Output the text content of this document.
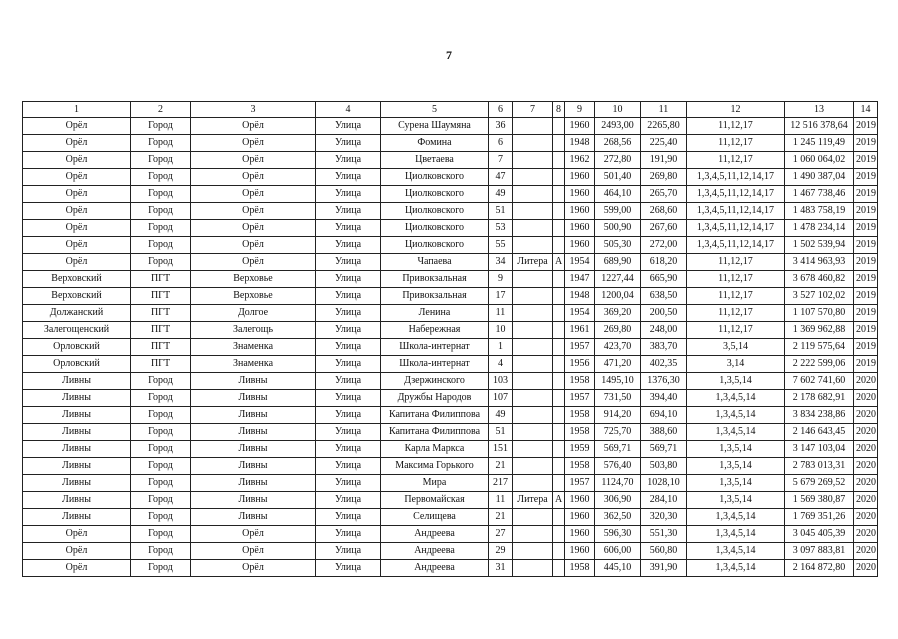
7
1	2	3	4	5	6	7	8	9	10	11	12	13	14
Орёл	Город	Орёл	Улица	Сурена Шаумяна	36			1960	2493,00	2265,80	11,12,17	12 516 378,64	2019
Орёл	Город	Орёл	Улица	Фомина	6			1948	268,56	225,40	11,12,17	1 245 119,49	2019
Орёл	Город	Орёл	Улица	Цветаева	7			1962	272,80	191,90	11,12,17	1 060 064,02	2019
Орёл	Город	Орёл	Улица	Циолковского	47			1960	501,40	269,80	1,3,4,5,11,12,14,17	1 490 387,04	2019
Орёл	Город	Орёл	Улица	Циолковского	49			1960	464,10	265,70	1,3,4,5,11,12,14,17	1 467 738,46	2019
Орёл	Город	Орёл	Улица	Циолковского	51			1960	599,00	268,60	1,3,4,5,11,12,14,17	1 483 758,19	2019
Орёл	Город	Орёл	Улица	Циолковского	53			1960	500,90	267,60	1,3,4,5,11,12,14,17	1 478 234,14	2019
Орёл	Город	Орёл	Улица	Циолковского	55			1960	505,30	272,00	1,3,4,5,11,12,14,17	1 502 539,94	2019
Орёл	Город	Орёл	Улица	Чапаева	34	Литера	А	1954	689,90	618,20	11,12,17	3 414 963,93	2019
Верховский	ПГТ	Верховье	Улица	Привокзальная	9			1947	1227,44	665,90	11,12,17	3 678 460,82	2019
Верховский	ПГТ	Верховье	Улица	Привокзальная	17			1948	1200,04	638,50	11,12,17	3 527 102,02	2019
Должанский	ПГТ	Долгое	Улица	Ленина	11			1954	369,20	200,50	11,12,17	1 107 570,80	2019
Залегощенский	ПГТ	Залегощь	Улица	Набережная	10			1961	269,80	248,00	11,12,17	1 369 962,88	2019
Орловский	ПГТ	Знаменка	Улица	Школа-интернат	1			1957	423,70	383,70	3,5,14	2 119 575,64	2019
Орловский	ПГТ	Знаменка	Улица	Школа-интернат	4			1956	471,20	402,35	3,14	2 222 599,06	2019
Ливны	Город	Ливны	Улица	Дзержинского	103			1958	1495,10	1376,30	1,3,5,14	7 602 741,60	2020
Ливны	Город	Ливны	Улица	Дружбы Народов	107			1957	731,50	394,40	1,3,4,5,14	2 178 682,91	2020
Ливны	Город	Ливны	Улица	Капитана Филиппова	49			1958	914,20	694,10	1,3,4,5,14	3 834 238,86	2020
Ливны	Город	Ливны	Улица	Капитана Филиппова	51			1958	725,70	388,60	1,3,4,5,14	2 146 643,45	2020
Ливны	Город	Ливны	Улица	Карла Маркса	151			1959	569,71	569,71	1,3,5,14	3 147 103,04	2020
Ливны	Город	Ливны	Улица	Максима Горького	21			1958	576,40	503,80	1,3,5,14	2 783 013,31	2020
Ливны	Город	Ливны	Улица	Мира	217			1957	1124,70	1028,10	1,3,5,14	5 679 269,52	2020
Ливны	Город	Ливны	Улица	Первомайская	11	Литера	А	1960	306,90	284,10	1,3,5,14	1 569 380,87	2020
Ливны	Город	Ливны	Улица	Селищева	21			1960	362,50	320,30	1,3,4,5,14	1 769 351,26	2020
Орёл	Город	Орёл	Улица	Андреева	27			1960	596,30	551,30	1,3,4,5,14	3 045 405,39	2020
Орёл	Город	Орёл	Улица	Андреева	29			1960	606,00	560,80	1,3,4,5,14	3 097 883,81	2020
Орёл	Город	Орёл	Улица	Андреева	31			1958	445,10	391,90	1,3,4,5,14	2 164 872,80	2020
